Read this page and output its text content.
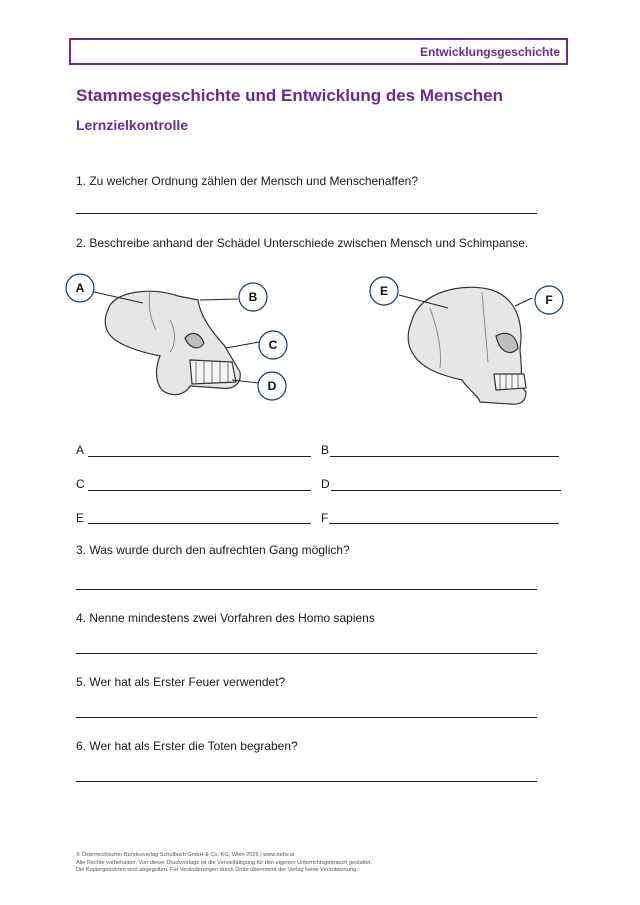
Entwicklungsgeschichte
Stammesgeschichte und Entwicklung des Menschen
Lernzielkontrolle
1. Zu welcher Ordnung zählen der Mensch und Menschenaffen?
2. Beschreibe anhand der Schädel Unterschiede zwischen Mensch und Schimpanse.
A
B
C
D
E
F
A	B
C	D
E	F
3. Was wurde durch den aufrechten Gang möglich?
4. Nenne mindestens zwei Vorfahren des Homo sapiens
5. Wer hat als Erster Feuer verwendet?
6. Wer hat als Erster die Toten begraben?
© Österreichischer Bundesverlag Schulbuch GmbH & Co. KG, Wien 2026 | www.oebv.at
Alle Rechte vorbehalten. Von dieser Druckvorlage ist die Vervielfältigung für den eigenen Unterrichtsgebrauch gestattet.
Die Kopiergebühren sind abgegolten. Für Veränderungen durch Dritte übernimmt der Verlag keine Verantwortung.
